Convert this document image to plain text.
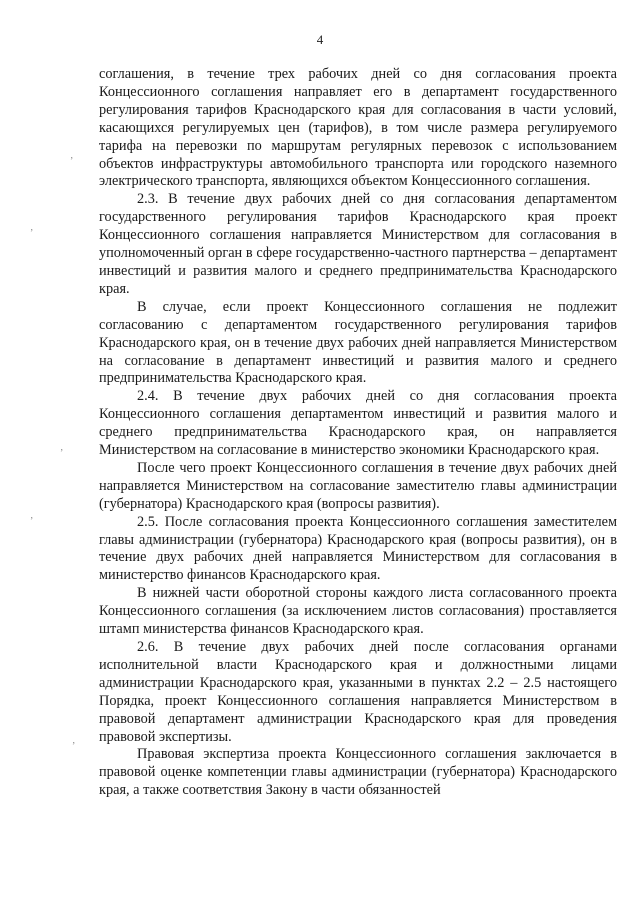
4
‚
‚
‚
‚
‚

соглашения, в течение трех рабочих дней со дня согласования проекта Концессионного соглашения направляет его в департамент государственного регулирования тарифов Краснодарского края для согласования в части условий, касающихся регулируемых цен (тарифов), в том числе размера регулируемого тарифа на перевозки по маршрутам регулярных перевозок с использованием объектов инфраструктуры автомобильного транспорта или городского наземного электрического транспорта, являющихся объектом Концессионного соглашения.

2.3. В течение двух рабочих дней со дня согласования департаментом государственного регулирования тарифов Краснодарского края проект Концессионного соглашения направляется Министерством для согласования в уполномоченный орган в сфере государственно-частного партнерства – департамент инвестиций и развития малого и среднего предпринимательства Краснодарского края.

В случае, если проект Концессионного соглашения не подлежит согласованию с департаментом государственного регулирования тарифов Краснодарского края, он в течение двух рабочих дней направляется Министерством на согласование в департамент инвестиций и развития малого и среднего предпринимательства Краснодарского края.

2.4. В течение двух рабочих дней со дня согласования проекта Концессионного соглашения департаментом инвестиций и развития малого и среднего предпринимательства Краснодарского края, он направляется Министерством на согласование в министерство экономики Краснодарского края.

После чего проект Концессионного соглашения в течение двух рабочих дней направляется Министерством на согласование заместителю главы администрации (губернатора) Краснодарского края (вопросы развития).

2.5. После согласования проекта Концессионного соглашения заместителем главы администрации (губернатора) Краснодарского края (вопросы развития), он в течение двух рабочих дней направляется Министерством для согласования в министерство финансов Краснодарского края.

В нижней части оборотной стороны каждого листа согласованного проекта Концессионного соглашения (за исключением листов согласования) проставляется штамп министерства финансов Краснодарского края.

2.6. В течение двух рабочих дней после согласования органами исполнительной власти Краснодарского края и должностными лицами администрации Краснодарского края, указанными в пунктах 2.2 – 2.5 настоящего Порядка, проект Концессионного соглашения направляется Министерством в правовой департамент администрации Краснодарского края для проведения правовой экспертизы.

Правовая экспертиза проекта Концессионного соглашения заключается в правовой оценке компетенции главы администрации (губернатора) Краснодарского края, а также соответствия Закону в части обязанностей
